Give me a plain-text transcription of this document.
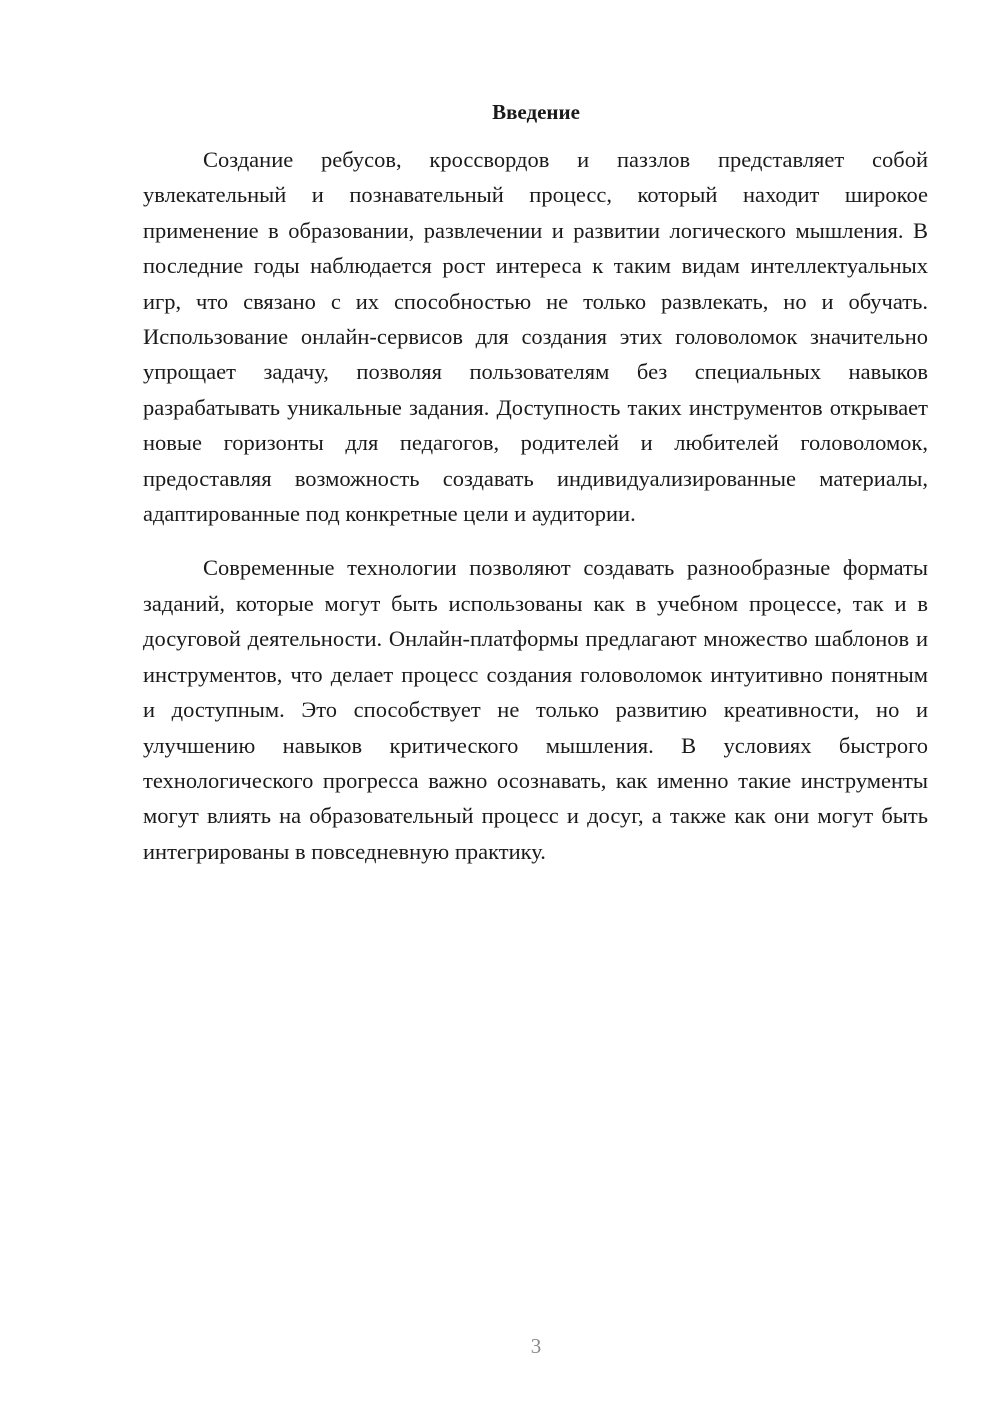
Введение

Создание ребусов, кроссвордов и паззлов представляет собой увлекательный и познавательный процесс, который находит широкое применение в образовании, развлечении и развитии логического мышления. В последние годы наблюдается рост интереса к таким видам интеллектуальных игр, что связано с их способностью не только развлекать, но и обучать. Использование онлайн-сервисов для создания этих головоломок значительно упрощает задачу, позволяя пользователям без специальных навыков разрабатывать уникальные задания. Доступность таких инструментов открывает новые горизонты для педагогов, родителей и любителей головоломок, предоставляя возможность создавать индивидуализированные материалы, адаптированные под конкретные цели и аудитории.

Современные технологии позволяют создавать разнообразные форматы заданий, которые могут быть использованы как в учебном процессе, так и в досуговой деятельности. Онлайн-платформы предлагают множество шаблонов и инструментов, что делает процесс создания головоломок интуитивно понятным и доступным. Это способствует не только развитию креативности, но и улучшению навыков критического мышления. В условиях быстрого технологического прогресса важно осознавать, как именно такие инструменты могут влиять на образовательный процесс и досуг, а также как они могут быть интегрированы в повседневную практику.

3
